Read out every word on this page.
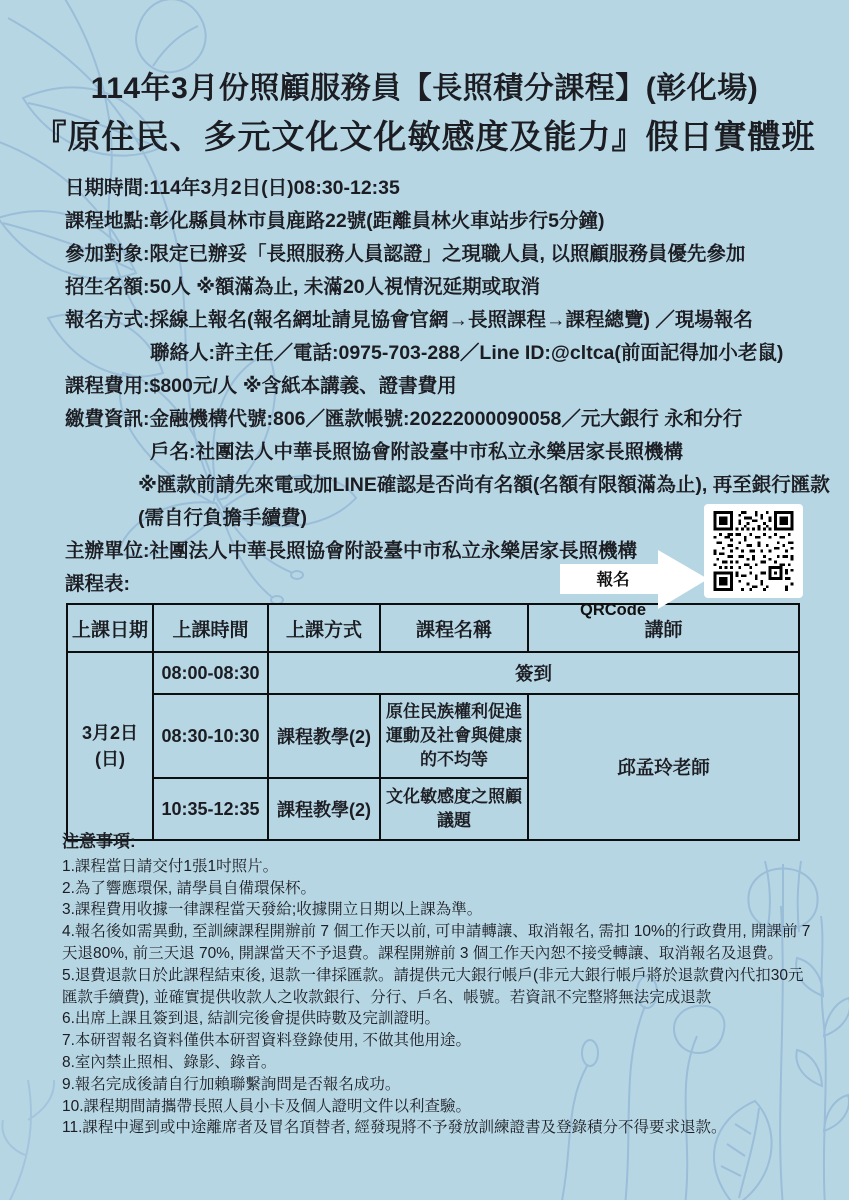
114年3月份照顧服務員【長照積分課程】(彰化場)
『原住民、多元文化文化敏感度及能力』假日實體班
日期時間:114年3月2日(日)08:30-12:35
課程地點:彰化縣員林市員鹿路22號(距離員林火車站步行5分鐘)
參加對象:限定已辦妥「長照服務人員認證」之現職人員, 以照顧服務員優先參加
招生名額:50人 ※額滿為止, 未滿20人視情況延期或取消
報名方式:採線上報名(報名網址請見協會官網→長照課程→課程總覽) ／現場報名
聯絡人:許主任／電話:0975-703-288／Line ID:@cltca(前面記得加小老鼠)
課程費用:$800元/人 ※含紙本講義、證書費用
繳費資訊:金融機構代號:806／匯款帳號:20222000090058／元大銀行 永和分行
戶名:社團法人中華長照協會附設臺中市私立永樂居家長照機構
※匯款前請先來電或加LINE確認是否尚有名額(名額有限額滿為止), 再至銀行匯款
(需自行負擔手續費)
主辦單位:社團法人中華長照協會附設臺中市私立永樂居家長照機構
課程表:	報名QRCode
上課日期	上課時間	上課方式	課程名稱	講師

3月2日
(日)	08:00-08:30	簽到		
	08:30-10:30	課程教學(2)	原住民族權利促進運動及社會與健康的不均等	邱孟玲老師
	10:35-12:35	課程教學(2)	文化敏感度之照顧議題	
注意事項:
1.課程當日請交付1張1吋照片。
2.為了響應環保, 請學員自備環保杯。
3.課程費用收據一律課程當天發給;收據開立日期以上課為準。
4.報名後如需異動, 至訓練課程開辦前 7 個工作天以前, 可申請轉讓、取消報名, 需扣 10%的行政費用, 開課前 7 天退80%, 前三天退 70%, 開課當天不予退費。課程開辦前 3 個工作天內恕不接受轉讓、取消報名及退費。
5.退費退款日於此課程結束後, 退款一律採匯款。請提供元大銀行帳戶(非元大銀行帳戶將於退款費內代扣30元匯款手續費), 並確實提供收款人之收款銀行、分行、戶名、帳號。若資訊不完整將無法完成退款
6.出席上課且簽到退, 結訓完後會提供時數及完訓證明。
7.本研習報名資料僅供本研習資料登錄使用, 不做其他用途。
8.室內禁止照相、錄影、錄音。
9.報名完成後請自行加賴聯繫詢問是否報名成功。
10.課程期間請攜帶長照人員小卡及個人證明文件以利查驗。
11.課程中遲到或中途離席者及冒名頂替者, 經發現將不予發放訓練證書及登錄積分不得要求退款。
